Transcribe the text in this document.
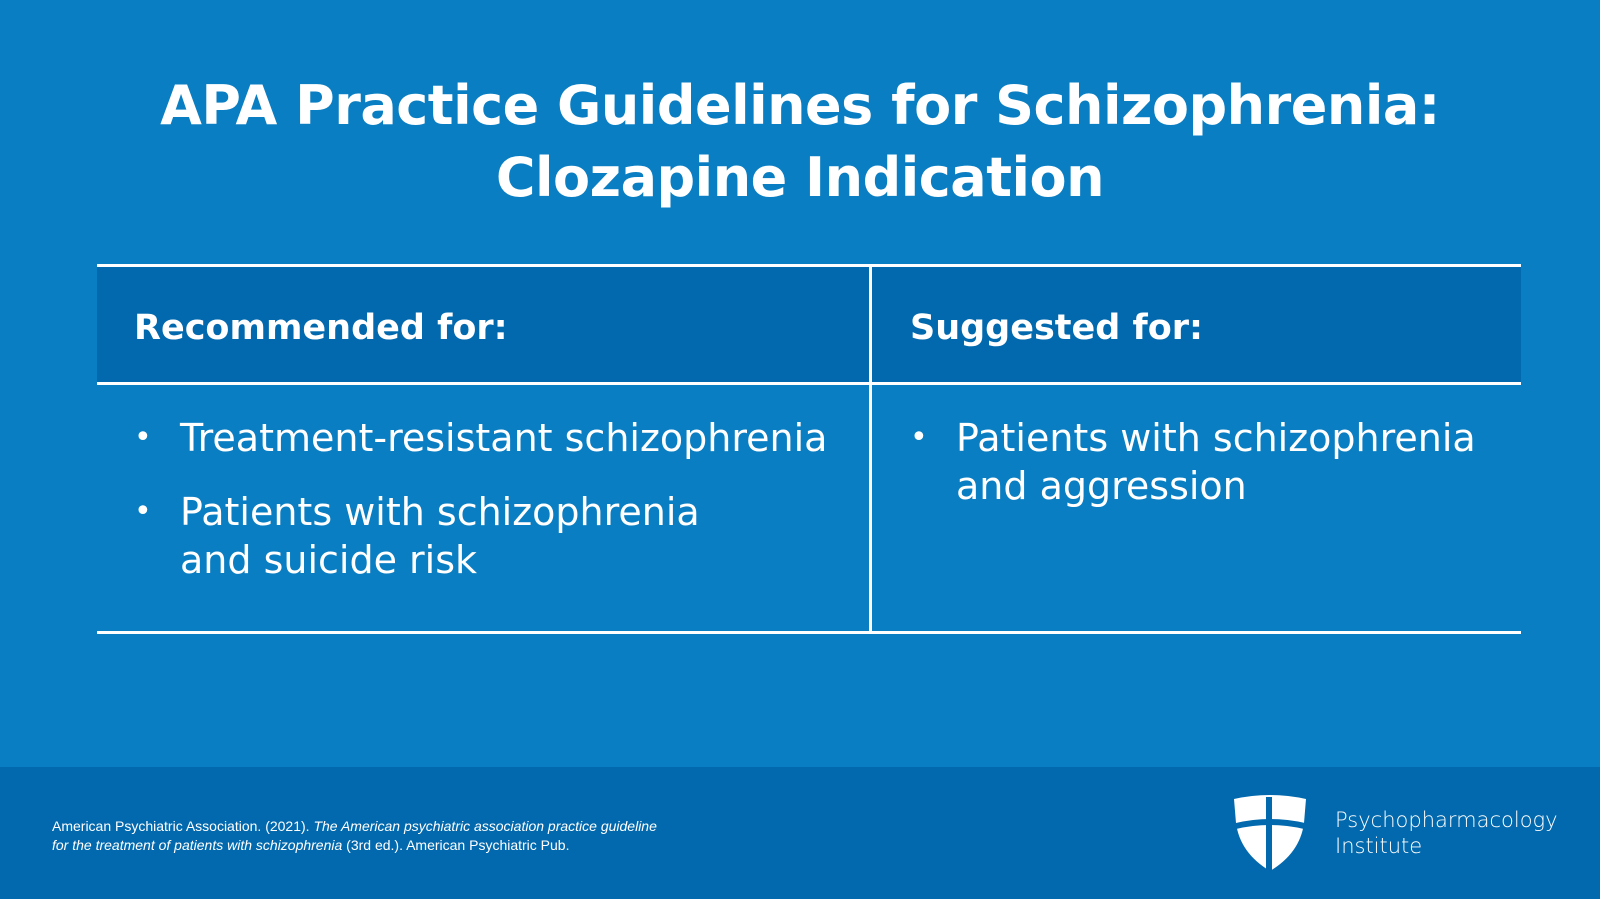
APA Practice Guidelines for Schizophrenia:
Clozapine Indication
Recommended for:	Suggested for:
• Treatment-resistant schizophrenia
• Patients with schizophrenia
and suicide risk
• Patients with schizophrenia
and aggression
American Psychiatric Association. (2021). The American psychiatric association practice guideline
for the treatment of patients with schizophrenia (3rd ed.). American Psychiatric Pub.
Psychopharmacology
Institute
